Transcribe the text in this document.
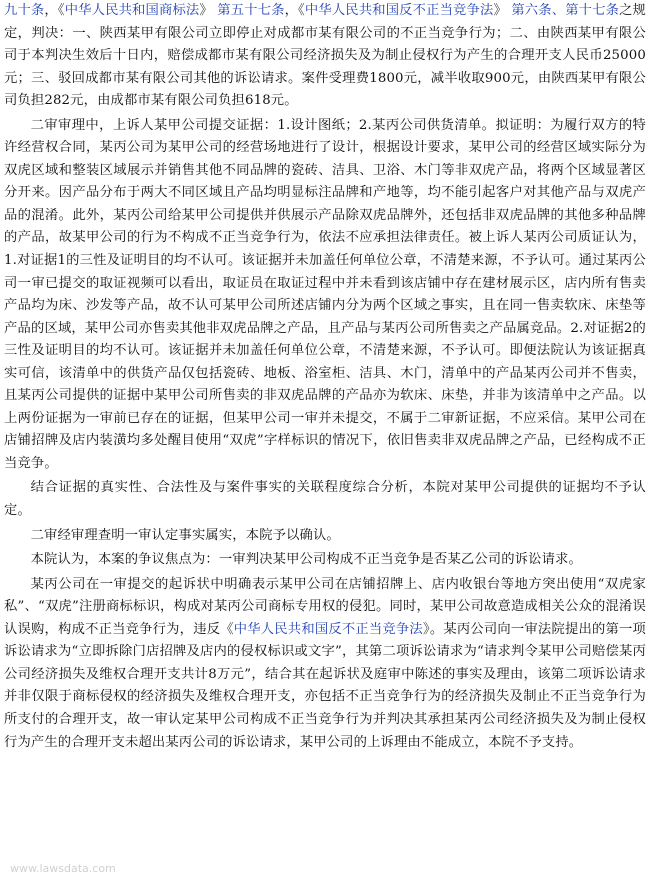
九十条，《中华人民共和国商标法》 第五十七条，《中华人民共和国反不正当竞争法》 第六条、第十七条之规定，判决：一、陕西某甲有限公司立即停止对成都市某有限公司的不正当竞争行为；二、由陕西某甲有限公司于本判决生效后十日内，赔偿成都市某有限公司经济损失及为制止侵权行为产生的合理开支人民币25000元；三、驳回成都市某有限公司其他的诉讼请求。案件受理费1800元，减半收取900元，由陕西某甲有限公司负担282元，由成都市某有限公司负担618元。

二审审理中，上诉人某甲公司提交证据：1.设计图纸；2.某丙公司供货清单。拟证明：为履行双方的特许经营权合同，某丙公司为某甲公司的经营场地进行了设计，根据设计要求，某甲公司的经营区域实际分为双虎区域和整装区域展示并销售其他不同品牌的瓷砖、洁具、卫浴、木门等非双虎产品，将两个区域显著区分开来。因产品分布于两大不同区域且产品均明显标注品牌和产地等，均不能引起客户对其他产品与双虎产品的混淆。此外，某丙公司给某甲公司提供并供展示产品除双虎品牌外，还包括非双虎品牌的其他多种品牌的产品，故某甲公司的行为不构成不正当竞争行为，依法不应承担法律责任。被上诉人某丙公司质证认为，1.对证据1的三性及证明目的均不认可。该证据并未加盖任何单位公章，不清楚来源，不予认可。通过某丙公司一审已提交的取证视频可以看出，取证员在取证过程中并未看到该店铺中存在建材展示区，店内所有售卖产品均为床、沙发等产品，故不认可某甲公司所述店铺内分为两个区域之事实，且在同一售卖软床、床垫等产品的区域，某甲公司亦售卖其他非双虎品牌之产品，且产品与某丙公司所售卖之产品属竞品。2.对证据2的三性及证明目的均不认可。该证据并未加盖任何单位公章，不清楚来源，不予认可。即便法院认为该证据真实可信，该清单中的供货产品仅包括瓷砖、地板、浴室柜、洁具、木门，清单中的产品某丙公司并不售卖，且某丙公司提供的证据中某甲公司所售卖的非双虎品牌的产品亦为软床、床垫，并非为该清单中之产品。以上两份证据为一审前已存在的证据，但某甲公司一审并未提交，不属于二审新证据，不应采信。某甲公司在店铺招牌及店内装潢均多处醒目使用“双虎”字样标识的情况下，依旧售卖非双虎品牌之产品，已经构成不正当竞争。

结合证据的真实性、合法性及与案件事实的关联程度综合分析，本院对某甲公司提供的证据均不予认定。

二审经审理查明一审认定事实属实，本院予以确认。

本院认为，本案的争议焦点为：一审判决某甲公司构成不正当竞争是否某乙公司的诉讼请求。

某丙公司在一审提交的起诉状中明确表示某甲公司在店铺招牌上、店内收银台等地方突出使用“双虎家私”、“双虎”注册商标标识，构成对某丙公司商标专用权的侵犯。同时，某甲公司故意造成相关公众的混淆误认误购，构成不正当竞争行为，违反《中华人民共和国反不正当竞争法》。某丙公司向一审法院提出的第一项诉讼请求为“立即拆除门店招牌及店内的侵权标识或文字”，其第二项诉讼请求为“请求判令某甲公司赔偿某丙公司经济损失及维权合理开支共计8万元”，结合其在起诉状及庭审中陈述的事实及理由，该第二项诉讼请求并非仅限于商标侵权的经济损失及维权合理开支，亦包括不正当竞争行为的经济损失及制止不正当竞争行为所支付的合理开支，故一审认定某甲公司构成不正当竞争行为并判决其承担某丙公司经济损失及为制止侵权行为产生的合理开支未超出某丙公司的诉讼请求，某甲公司的上诉理由不能成立，本院不予支持。

www.lawsdata.com
